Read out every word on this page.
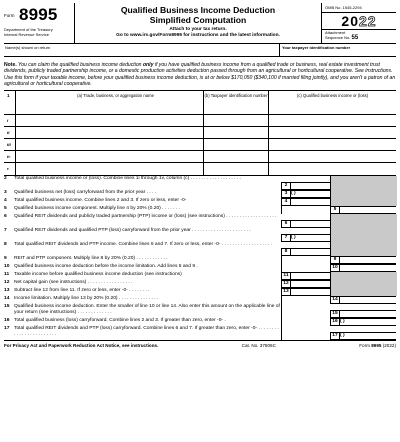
Form 8995
Department of the Treasury
Internal Revenue Service
Qualified Business Income Deduction
Simplified Computation
Attach to your tax return.
Go to www.irs.gov/Form8995 for instructions and the latest information.
OMB No. 1545-2294
2022
Attachment
Sequence No. 55
Name(s) shown on return	Your taxpayer identification number
Note. You can claim the qualified business income deduction only if you have qualified business income from a qualified trade or business, real estate investment trust dividends, publicly traded partnership income, or a domestic production activities deduction passed through from an agricultural or horticultural cooperative. See instructions.
Use this form if your taxable income, before your qualified business income deduction, is at or below $170,050 ($340,100 if married filing jointly), and you aren't a patron of an agricultural or horticultural cooperative.
1	(a) Trade, business, or aggregation name	(b) Taxpayer identification number	(c) Qualified business income or (loss)
i
ii
iii
iv
v
2	Total qualified business income or (loss). Combine lines 1i through 1v, column (c) . . . . . . . . . . . . . . . . . . .
2
3	Qualified business net (loss) carryforward from the prior year . . . .	3 ( )
4	Total qualified business income. Combine lines 2 and 3. If zero or less, enter -0-	4
5	Qualified business income component. Multiply line 4 by 20% (0.20) . . . . . . .	5
6	Qualified REIT dividends and publicly traded partnership (PTP) income or (loss) (see instructions) . . . . . . . . . . . . . . . . . . .
6
7	Qualified REIT dividends and qualified PTP (loss) carryforward from the prior year . . . . . . . . . . . . . . . . . . . . . .
7 ( )
8	Total qualified REIT dividends and PTP income. Combine lines 6 and 7. If zero or less, enter -0- . . . . . . . . . . . . . . . . . . .
8
9	REIT and PTP component. Multiply line 8 by 20% (0.20) . . . . . . . . . . . .	9
10 Qualified business income deduction before the income limitation. Add lines 5 and 9 .	10
11 Taxable income before qualified business income deduction (see instructions)	11
12 Net capital gain (see instructions) . . . . . . . . . . . . . . . . .	12
13 Subtract line 12 from line 11. If zero or less, enter -0- . . . . . . . .	13
14 Income limitation. Multiply line 13 by 20% (0.20) . . . . . . . . . . . . . . .	14
15 Qualified business income deduction. Enter the smaller of line 10 or line 14. Also enter this amount on the applicable line of your return (see instructions) . . . . . . . . . . . . .	15
16 Total qualified business (loss) carryforward. Combine lines 2 and 3. If greater than zero, enter -0- .	16 ( )
17 Total qualified REIT dividends and PTP (loss) carryforward. Combine lines 6 and 7. If greater than zero, enter -0- . . . . . . . . . . . . . . . . . . . . . . . .	17 ( )
For Privacy Act and Paperwork Reduction Act Notice, see instructions.	Cat. No. 37806C	Form 8995 (2022)
